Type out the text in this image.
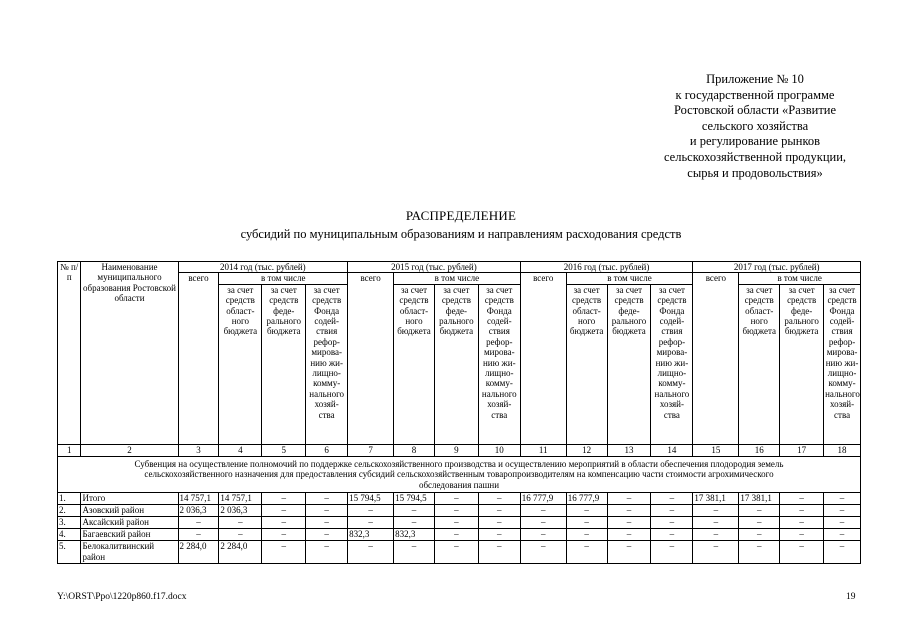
Приложение № 10
к государственной программе
Ростовской области «Развитие
сельского хозяйства
и регулирование рынков
сельскохозяйственной продукции,
сырья и продовольствия»
РАСПРЕДЕЛЕНИЕ
субсидий по муниципальным образованиям и направлениям расходования средств
№ п/п	Наименование муниципального образования Ростовской области	2014 год (тыс. рублей)				2015 год (тыс. рублей)				2016 год (тыс. рублей)				2017 год (тыс. рублей)			
		всего	в том числе			всего	в том числе			всего	в том числе			всего	в том числе		
			за счет средств област-ного бюджета	за счет средств феде-рального бюджета	за счет средств Фонда содей-ствия рефор-мирова-нию жи-лищно-комму-нального хозяй-ства		за счет средств област-ного бюджета	за счет средств феде-рального бюджета	за счет средств Фонда содей-ствия рефор-мирова-нию жи-лищно-комму-нального хозяй-ства		за счет средств област-ного бюджета	за счет средств феде-рального бюджета	за счет средств Фонда содей-ствия рефор-мирова-нию жи-лищно-комму-нального хозяй-ства		за счет средств област-ного бюджета	за счет средств феде-рального бюджета	за счет средств Фонда содей-ствия рефор-мирова-нию жи-лищно-комму-нального хозяй-ства
1	2	3	4	5	6	7	8	9	10	11	12	13	14	15	16	17	18
Субвенция на осуществление полномочий по поддержке сельскохозяйственного производства и осуществлению мероприятий в области обеспечения плодородия земель сельскохозяйственного назначения для предоставления субсидий сельскохозяйственным товаропроизводителям на компенсацию части стоимости агрохимического обследования пашни																	
1.	Итого	14 757,1	14 757,1	–	–	15 794,5	15 794,5	–	–	16 777,9	16 777,9	–	–	17 381,1	17 381,1	–	–
2.	Азовский район	2 036,3	2 036,3	–	–	–	–	–	–	–	–	–	–	–	–	–	–
3.	Аксайский район	–	–	–	–	–	–	–	–	–	–	–	–	–	–	–	–
4.	Багаевский район	–	–	–	–	832,3	832,3	–	–	–	–	–	–	–	–	–	–
5.	Белокалитвинский район	2 284,0	2 284,0	–	–	–	–	–	–	–	–	–	–	–	–	–	–
Y:\ORST\Ppo\1220p860.f17.docx	19
